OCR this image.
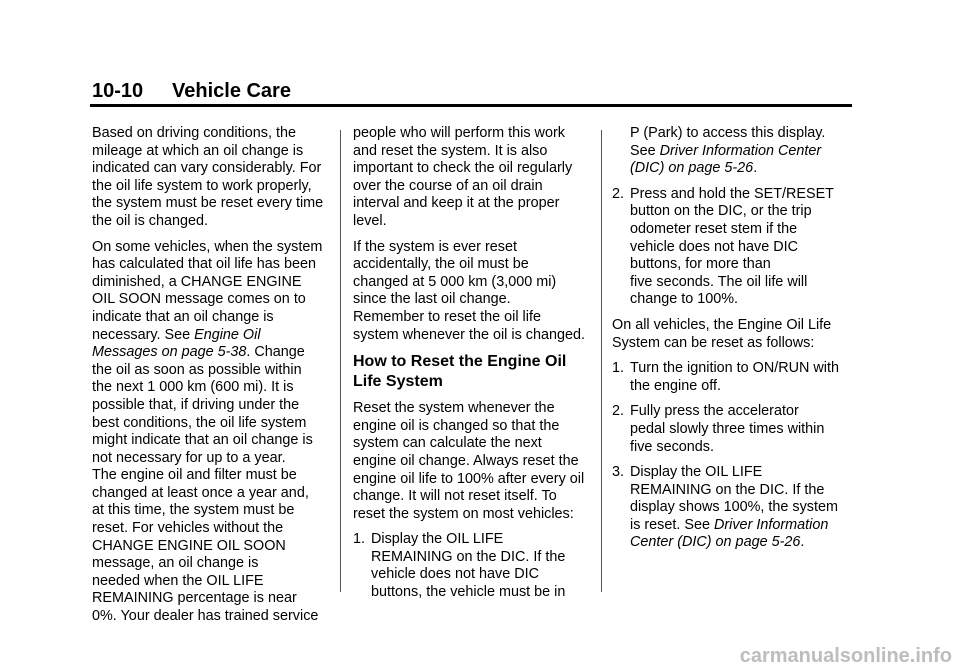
10-10 Vehicle Care
Based on driving conditions, the
mileage at which an oil change is
indicated can vary considerably. For
the oil life system to work properly,
the system must be reset every time
the oil is changed.
On some vehicles, when the system
has calculated that oil life has been
diminished, a CHANGE ENGINE
OIL SOON message comes on to
indicate that an oil change is
necessary. See Engine Oil
Messages on page 5-38. Change
the oil as soon as possible within
the next 1 000 km (600 mi). It is
possible that, if driving under the
best conditions, the oil life system
might indicate that an oil change is
not necessary for up to a year.
The engine oil and filter must be
changed at least once a year and,
at this time, the system must be
reset. For vehicles without the
CHANGE ENGINE OIL SOON
message, an oil change is
needed when the OIL LIFE
REMAINING percentage is near
0%. Your dealer has trained service
people who will perform this work
and reset the system. It is also
important to check the oil regularly
over the course of an oil drain
interval and keep it at the proper
level.
If the system is ever reset
accidentally, the oil must be
changed at 5 000 km (3,000 mi)
since the last oil change.
Remember to reset the oil life
system whenever the oil is changed.
How to Reset the Engine Oil
Life System
Reset the system whenever the
engine oil is changed so that the
system can calculate the next
engine oil change. Always reset the
engine oil life to 100% after every oil
change. It will not reset itself. To
reset the system on most vehicles:
1. Display the OIL LIFE
REMAINING on the DIC. If the
vehicle does not have DIC
buttons, the vehicle must be in
P (Park) to access this display.
See Driver Information Center
(DIC) on page 5-26.
2. Press and hold the SET/RESET
button on the DIC, or the trip
odometer reset stem if the
vehicle does not have DIC
buttons, for more than
five seconds. The oil life will
change to 100%.
On all vehicles, the Engine Oil Life
System can be reset as follows:
1. Turn the ignition to ON/RUN with
the engine off.
2. Fully press the accelerator
pedal slowly three times within
five seconds.
3. Display the OIL LIFE
REMAINING on the DIC. If the
display shows 100%, the system
is reset. See Driver Information
Center (DIC) on page 5-26.
carmanualsonline.info
